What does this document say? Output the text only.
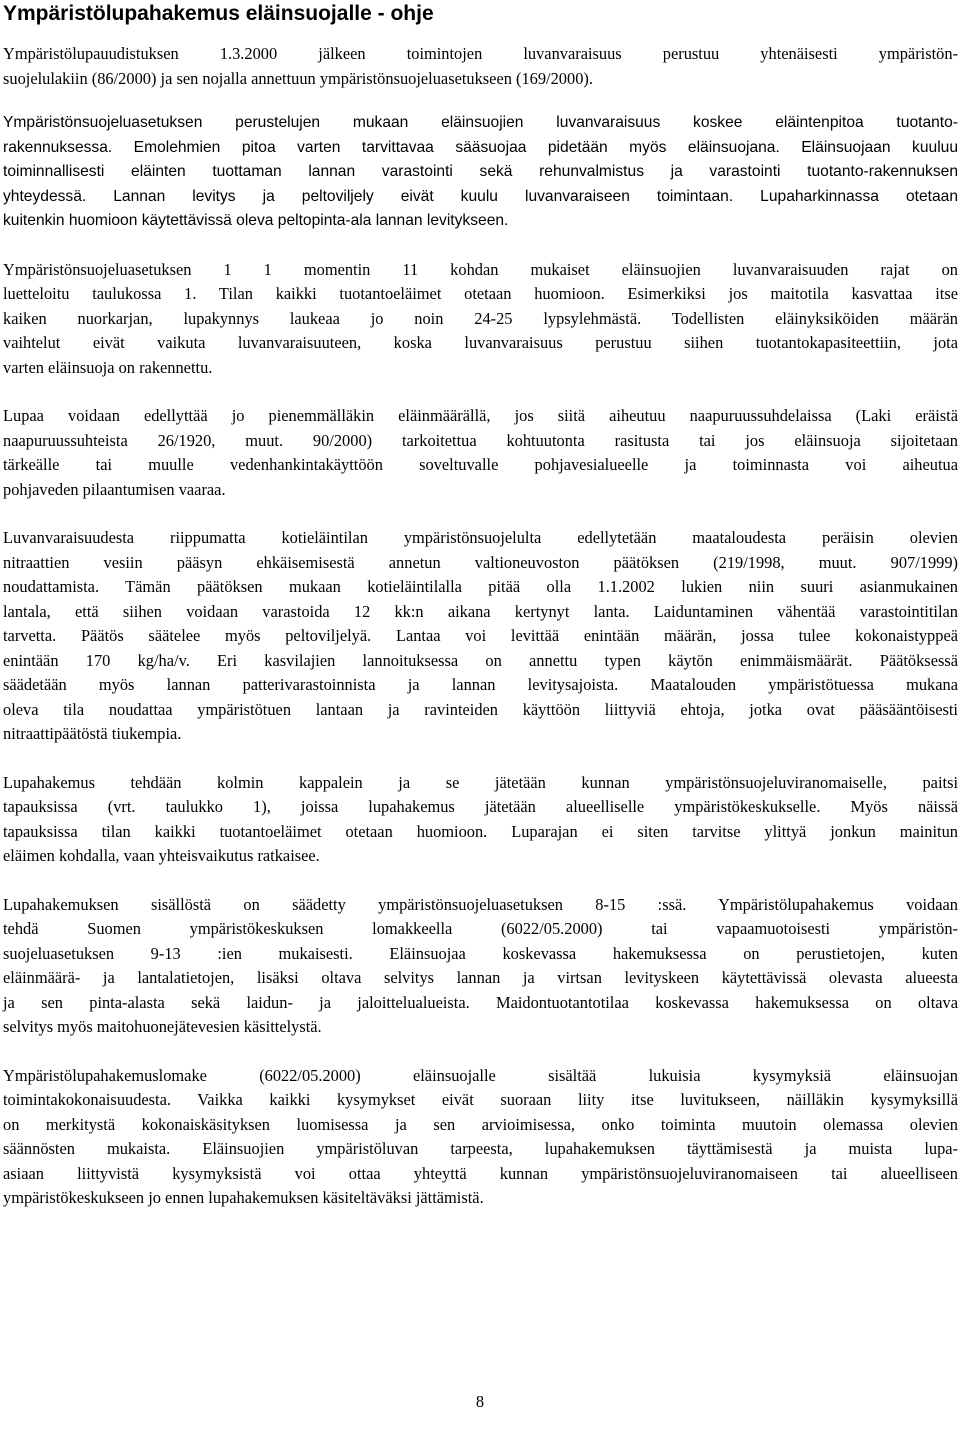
Ympäristölupahakemus eläinsuojalle - ohje
Ympäristölupauudistuksen 1.3.2000 jälkeen toimintojen luvanvaraisuus perustuu yhtenäisesti ympäristön-
suojelulakiin (86/2000) ja sen nojalla annettuun ympäristönsuojeluasetukseen (169/2000).
Ympäristönsuojeluasetuksen perustelujen mukaan eläinsuojien luvanvaraisuus koskee eläintenpitoa tuotanto-
rakennuksessa. Emolehmien pitoa varten tarvittavaa sääsuojaa pidetään myös eläinsuojana. Eläinsuojaan kuuluu
toiminnallisesti eläinten tuottaman lannan varastointi sekä rehunvalmistus ja varastointi tuotanto-rakennuksen
yhteydessä. Lannan levitys ja peltoviljely eivät kuulu luvanvaraiseen toimintaan. Lupaharkinnassa otetaan
kuitenkin huomioon käytettävissä oleva peltopinta-ala lannan levitykseen.
Ympäristönsuojeluasetuksen 1 1 momentin 11 kohdan mukaiset eläinsuojien luvanvaraisuuden rajat on
luetteloitu taulukossa 1. Tilan kaikki tuotantoeläimet otetaan huomioon. Esimerkiksi jos maitotila kasvattaa itse
kaiken nuorkarjan, lupakynnys laukeaa jo noin 24-25 lypsylehmästä. Todellisten eläinyksiköiden määrän
vaihtelut eivät vaikuta luvanvaraisuuteen, koska luvanvaraisuus perustuu siihen tuotantokapasiteettiin, jota
varten eläinsuoja on rakennettu.
Lupaa voidaan edellyttää jo pienemmälläkin eläinmäärällä, jos siitä aiheutuu naapuruussuhdelaissa (Laki eräistä
naapuruussuhteista 26/1920, muut. 90/2000) tarkoitettua kohtuutonta rasitusta tai jos eläinsuoja sijoitetaan
tärkeälle tai muulle vedenhankintakäyttöön soveltuvalle pohjavesialueelle ja toiminnasta voi aiheutua
pohjaveden pilaantumisen vaaraa.
Luvanvaraisuudesta riippumatta kotieläintilan ympäristönsuojelulta edellytetään maataloudesta peräisin olevien
nitraattien vesiin pääsyn ehkäisemisestä annetun valtioneuvoston päätöksen (219/1998, muut. 907/1999)
noudattamista. Tämän päätöksen mukaan kotieläintilalla pitää olla 1.1.2002 lukien niin suuri asianmukainen
lantala, että siihen voidaan varastoida 12 kk:n aikana kertynyt lanta. Laiduntaminen vähentää varastointitilan
tarvetta. Päätös säätelee myös peltoviljelyä. Lantaa voi levittää enintään määrän, jossa tulee kokonaistyppeä
enintään 170 kg/ha/v. Eri kasvilajien lannoituksessa on annettu typen käytön enimmäismäärät. Päätöksessä
säädetään myös lannan patterivarastoinnista ja lannan levitysajoista. Maatalouden ympäristötuessa mukana
oleva tila noudattaa ympäristötuen lantaan ja ravinteiden käyttöön liittyviä ehtoja, jotka ovat pääsääntöisesti
nitraattipäätöstä tiukempia.
Lupahakemus tehdään kolmin kappalein ja se jätetään kunnan ympäristönsuojeluviranomaiselle, paitsi
tapauksissa (vrt. taulukko 1), joissa lupahakemus jätetään alueelliselle ympäristökeskukselle. Myös näissä
tapauksissa tilan kaikki tuotantoeläimet otetaan huomioon. Luparajan ei siten tarvitse ylittyä jonkun mainitun
eläimen kohdalla, vaan yhteisvaikutus ratkaisee.
Lupahakemuksen sisällöstä on säädetty ympäristönsuojeluasetuksen 8-15 :ssä. Ympäristölupahakemus voidaan
tehdä Suomen ympäristökeskuksen lomakkeella (6022/05.2000) tai vapaamuotoisesti ympäristön-
suojeluasetuksen 9-13 :ien mukaisesti. Eläinsuojaa koskevassa hakemuksessa on perustiet​ojen, kuten
eläinmäärä- ja lantalatietojen, lisäksi oltava selvitys lannan ja virtsan levityskeen käytettävissä olevasta alueesta
ja sen pinta-alasta sekä laidun- ja jaloittelualueista. Maidontuotantotilaa koskevassa hakemuksessa on oltava
selvitys myös maitohuonejätevesien käsittelystä.
Ympäristölupahakemuslomake (6022/05.2000) eläinsuojalle sisältää lukuisia kysymyksiä eläinsuojan
toimintakokonaisuudesta. Vaikka kaikki kysymykset eivät suoraan liity itse luvitukseen, näilläkin kysymyksillä
on merkitystä kokonaiskäsityksen luomisessa ja sen arvioimisessa, onko toiminta muutoin olemassa olevien
säännösten mukaista. Eläinsuojien ympäristöluvan tarpeesta, lupahakemuksen täyttämisestä ja muista lupa-
asiaan liittyvistä kysymyksistä voi ottaa yhteyttä kunnan ympäristönsuojeluviranomaiseen tai alueelliseen
ympäristökeskukseen jo ennen lupahakemuksen käsiteltäväksi jättämistä.
8
